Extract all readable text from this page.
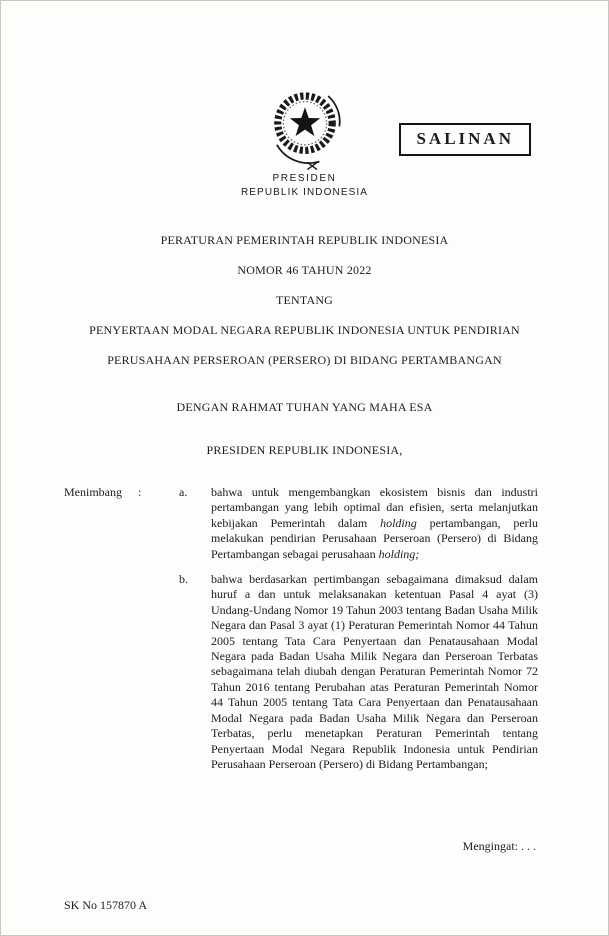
SALINAN
PRESIDEN
REPUBLIK INDONESIA

PERATURAN PEMERINTAH REPUBLIK INDONESIA

NOMOR 46 TAHUN 2022

TENTANG

PENYERTAAN MODAL NEGARA REPUBLIK INDONESIA UNTUK PENDIRIAN

PERUSAHAAN PERSEROAN (PERSERO) DI BIDANG PERTAMBANGAN

DENGAN RAHMAT TUHAN YANG MAHA ESA
PRESIDEN REPUBLIK INDONESIA,
Menimbang	:	a.	bahwa untuk mengembangkan ekosistem bisnis dan industri pertambangan yang lebih optimal dan efisien, serta melanjutkan kebijakan Pemerintah dalam holding pertambangan, perlu melakukan pendirian Perusahaan Perseroan (Persero) di Bidang Pertambangan sebagai perusahaan holding;

b.	bahwa berdasarkan pertimbangan sebagaimana dimaksud dalam huruf a dan untuk melaksanakan ketentuan Pasal 4 ayat (3) Undang-Undang Nomor 19 Tahun 2003 tentang Badan Usaha Milik Negara dan Pasal 3 ayat (1) Peraturan Pemerintah Nomor 44 Tahun 2005 tentang Tata Cara Penyertaan dan Penatausahaan Modal Negara pada Badan Usaha Milik Negara dan Perseroan Terbatas sebagaimana telah diubah dengan Peraturan Pemerintah Nomor 72 Tahun 2016 tentang Perubahan atas Peraturan Pemerintah Nomor 44 Tahun 2005 tentang Tata Cara Penyertaan dan Penatausahaan Modal Negara pada Badan Usaha Milik Negara dan Perseroan Terbatas, perlu menetapkan Peraturan Pemerintah tentang Penyertaan Modal Negara Republik Indonesia untuk Pendirian Perusahaan Perseroan (Persero) di Bidang Pertambangan;

Mengingat: . . .
SK No 157870 A
